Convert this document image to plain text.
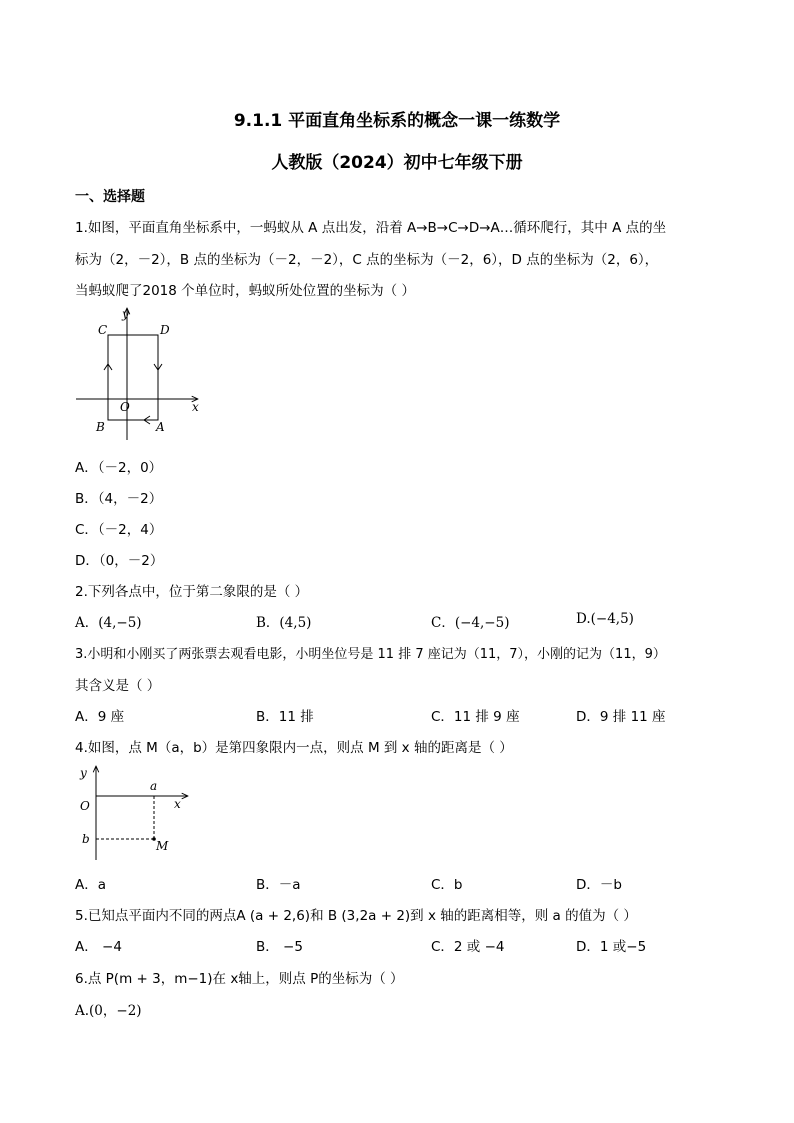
9.1.1 平面直角坐标系的概念一课一练数学
人教版（2024）初中七年级下册
一、选择题
1.如图，平面直角坐标系中，一蚂蚁从 A 点出发，沿着 A→B→C→D→A…循环爬行，其中 A 点的坐
标为（2，－2），B 点的坐标为（－2，－2），C 点的坐标为（－2，6），D 点的坐标为（2，6），
当蚂蚁爬了2018 个单位时，蚂蚁所处位置的坐标为（ ）
y
x
O
C	D
B	A
A．（－2，0）
B．（4，－2）
C．（－2，4）
D．（0，－2）
2.下列各点中，位于第二象限的是（ ）
A．(4,−5)	B．(4,5)	C．(−4,−5)	D.(−4,5)
3.小明和小刚买了两张票去观看电影，小明坐位号是 11 排 7 座记为（11，7），小刚的记为（11，9）
其含义是（ ）
A．9 座	B．11 排	C．11 排 9 座	D．9 排 11 座
4.如图，点 M（a，b）是第四象限内一点，则点 M 到 x 轴的距离是（ ）
y
x
O
a
b	M
A．a	B．－a	C．b	D．－b
5.已知点平面内不同的两点A (a + 2,6)和 B (3,2a + 2)到 x 轴的距离相等，则 a 的值为（ ）
A． −4	B． −5	C．2 或 −4	D．1 或−5
6.点 P(m + 3，m−1)在 x轴上，则点 P的坐标为（ ）
A.(0，−2)
